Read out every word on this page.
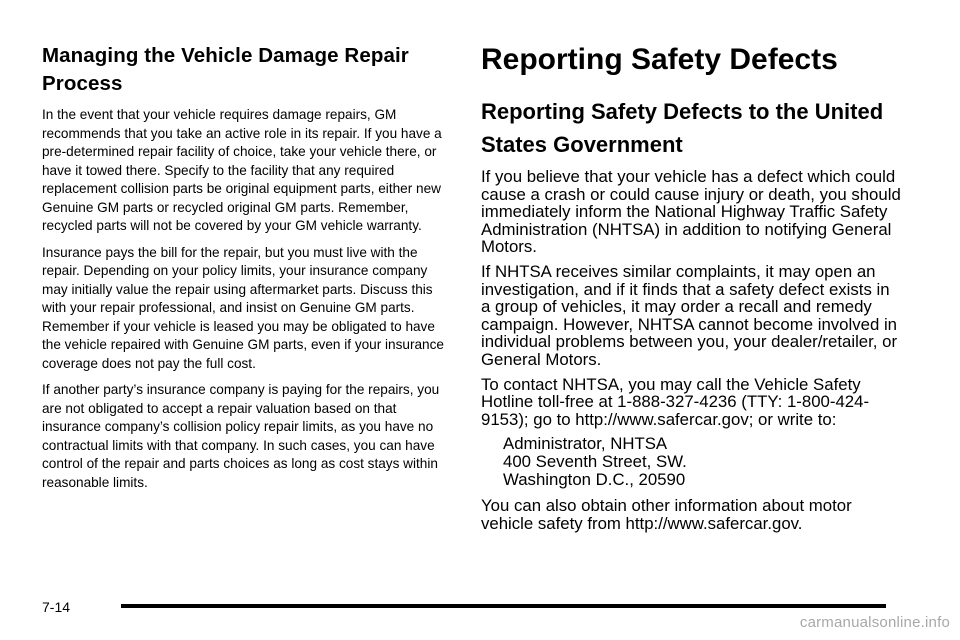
Managing the Vehicle Damage Repair Process

In the event that your vehicle requires damage repairs, GM recommends that you take an active role in its repair. If you have a pre-determined repair facility of choice, take your vehicle there, or have it towed there. Specify to the facility that any required replacement collision parts be original equipment parts, either new Genuine GM parts or recycled original GM parts. Remember, recycled parts will not be covered by your GM vehicle warranty.

Insurance pays the bill for the repair, but you must live with the repair. Depending on your policy limits, your insurance company may initially value the repair using aftermarket parts. Discuss this with your repair professional, and insist on Genuine GM parts. Remember if your vehicle is leased you may be obligated to have the vehicle repaired with Genuine GM parts, even if your insurance coverage does not pay the full cost.

If another party’s insurance company is paying for the repairs, you are not obligated to accept a repair valuation based on that insurance company’s collision policy repair limits, as you have no contractual limits with that company. In such cases, you can have control of the repair and parts choices as long as cost stays within reasonable limits.

Reporting Safety Defects
Reporting Safety Defects to the United States Government

If you believe that your vehicle has a defect which could cause a crash or could cause injury or death, you should immediately inform the National Highway Traffic Safety Administration (NHTSA) in addition to notifying General Motors.

If NHTSA receives similar complaints, it may open an investigation, and if it finds that a safety defect exists in a group of vehicles, it may order a recall and remedy campaign. However, NHTSA cannot become involved in individual problems between you, your dealer/retailer, or General Motors.

To contact NHTSA, you may call the Vehicle Safety Hotline toll-free at 1-888-327-4236 (TTY: 1-800-424-9153); go to http://www.safercar.gov; or write to:

Administrator, NHTSA
400 Seventh Street, SW.
Washington D.C., 20590

You can also obtain other information about motor vehicle safety from http://www.safercar.gov.

7-14
carmanualsonline.info
